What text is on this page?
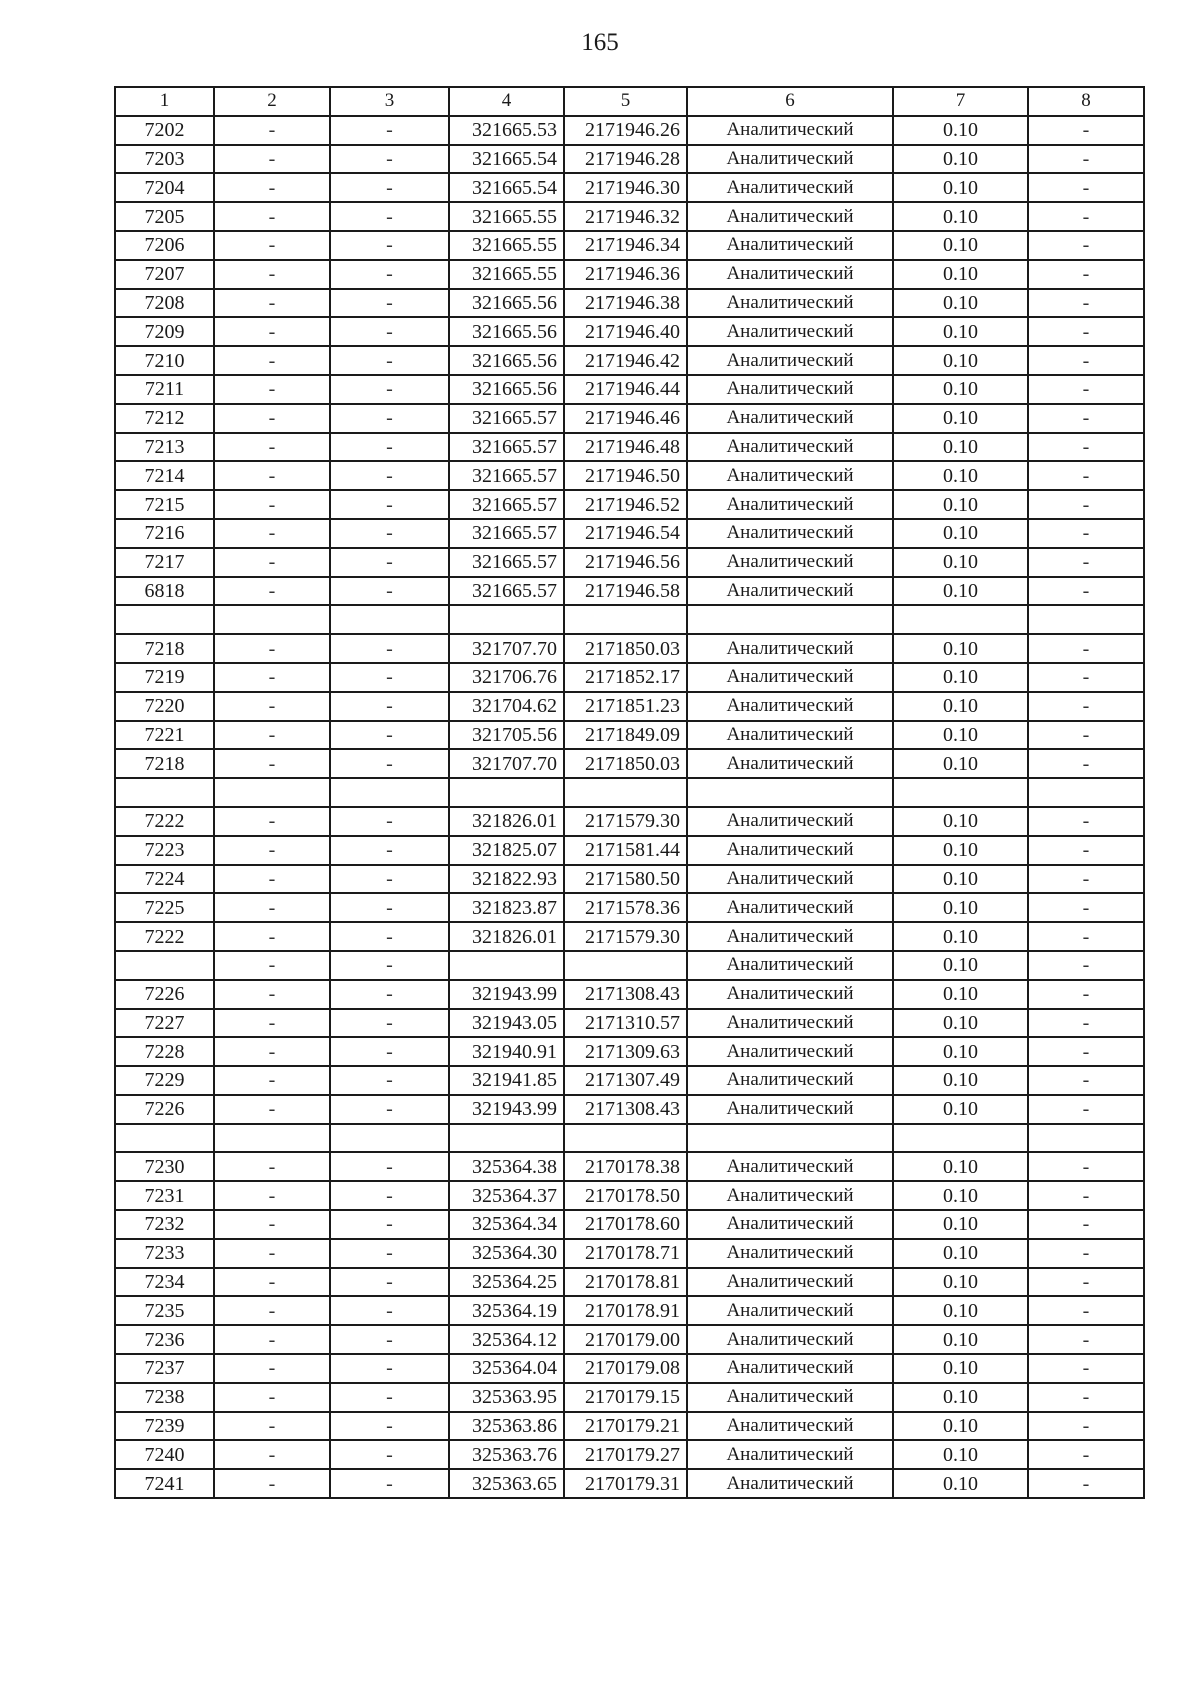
165
1	2	3	4	5	6	7	8
7202	-	-	321665.53	2171946.26	Аналитический	0.10	-
7203	-	-	321665.54	2171946.28	Аналитический	0.10	-
7204	-	-	321665.54	2171946.30	Аналитический	0.10	-
7205	-	-	321665.55	2171946.32	Аналитический	0.10	-
7206	-	-	321665.55	2171946.34	Аналитический	0.10	-
7207	-	-	321665.55	2171946.36	Аналитический	0.10	-
7208	-	-	321665.56	2171946.38	Аналитический	0.10	-
7209	-	-	321665.56	2171946.40	Аналитический	0.10	-
7210	-	-	321665.56	2171946.42	Аналитический	0.10	-
7211	-	-	321665.56	2171946.44	Аналитический	0.10	-
7212	-	-	321665.57	2171946.46	Аналитический	0.10	-
7213	-	-	321665.57	2171946.48	Аналитический	0.10	-
7214	-	-	321665.57	2171946.50	Аналитический	0.10	-
7215	-	-	321665.57	2171946.52	Аналитический	0.10	-
7216	-	-	321665.57	2171946.54	Аналитический	0.10	-
7217	-	-	321665.57	2171946.56	Аналитический	0.10	-
6818	-	-	321665.57	2171946.58	Аналитический	0.10	-

7218	-	-	321707.70	2171850.03	Аналитический	0.10	-
7219	-	-	321706.76	2171852.17	Аналитический	0.10	-
7220	-	-	321704.62	2171851.23	Аналитический	0.10	-
7221	-	-	321705.56	2171849.09	Аналитический	0.10	-
7218	-	-	321707.70	2171850.03	Аналитический	0.10	-

7222	-	-	321826.01	2171579.30	Аналитический	0.10	-
7223	-	-	321825.07	2171581.44	Аналитический	0.10	-
7224	-	-	321822.93	2171580.50	Аналитический	0.10	-
7225	-	-	321823.87	2171578.36	Аналитический	0.10	-
7222	-	-	321826.01	2171579.30	Аналитический	0.10	-
	-	-			Аналитический	0.10	-
7226	-	-	321943.99	2171308.43	Аналитический	0.10	-
7227	-	-	321943.05	2171310.57	Аналитический	0.10	-
7228	-	-	321940.91	2171309.63	Аналитический	0.10	-
7229	-	-	321941.85	2171307.49	Аналитический	0.10	-
7226	-	-	321943.99	2171308.43	Аналитический	0.10	-

7230	-	-	325364.38	2170178.38	Аналитический	0.10	-
7231	-	-	325364.37	2170178.50	Аналитический	0.10	-
7232	-	-	325364.34	2170178.60	Аналитический	0.10	-
7233	-	-	325364.30	2170178.71	Аналитический	0.10	-
7234	-	-	325364.25	2170178.81	Аналитический	0.10	-
7235	-	-	325364.19	2170178.91	Аналитический	0.10	-
7236	-	-	325364.12	2170179.00	Аналитический	0.10	-
7237	-	-	325364.04	2170179.08	Аналитический	0.10	-
7238	-	-	325363.95	2170179.15	Аналитический	0.10	-
7239	-	-	325363.86	2170179.21	Аналитический	0.10	-
7240	-	-	325363.76	2170179.27	Аналитический	0.10	-
7241	-	-	325363.65	2170179.31	Аналитический	0.10	-
